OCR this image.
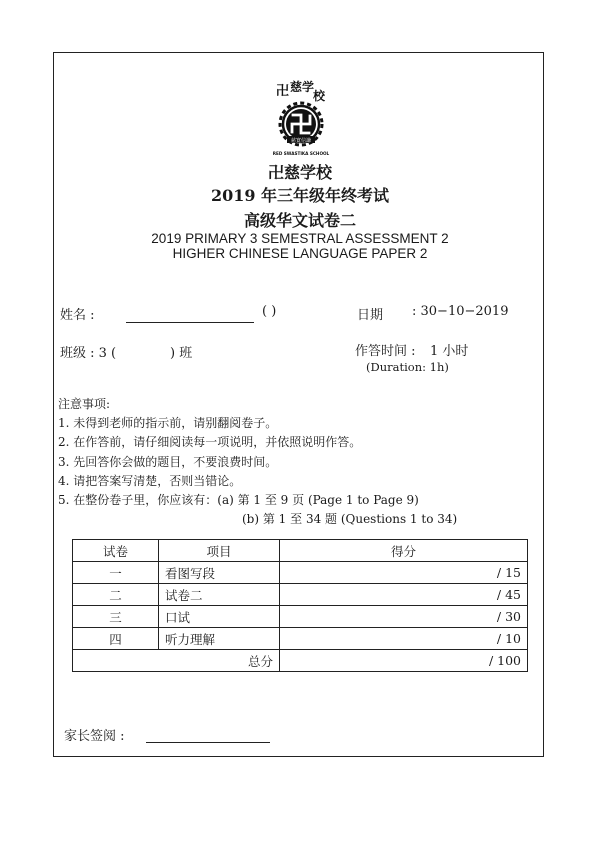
卍 慈学
校
慈寛信謙
RED SWASTIKA SCHOOL
卍慈学校
2019 年三年级年终考试
高级华文试卷二
2019 PRIMARY 3 SEMESTRAL ASSESSMENT 2
HIGHER CHINESE LANGUAGE PAPER 2
姓名 :	( )	日期 : 30−10−2019
班级 : 3 (	) 班	作答时间 : 1 小时
(Duration: 1h)
注意事项:
1. 未得到老师的指示前，请别翻阅卷子。
2. 在作答前，请仔细阅读每一项说明，并依照说明作答。
3. 先回答你会做的题目，不要浪费时间。
4. 请把答案写清楚，否则当错论。
5. 在整份卷子里，你应该有：(a) 第 1 至 9 页 (Page 1 to Page 9)
(b) 第 1 至 34 题 (Questions 1 to 34)
试卷	项目	得分
一	看图写段	/ 15
二	试卷二	/ 45
三	口试	/ 30
四	听力理解	/ 10
总分		/ 100
家长签阅 :
